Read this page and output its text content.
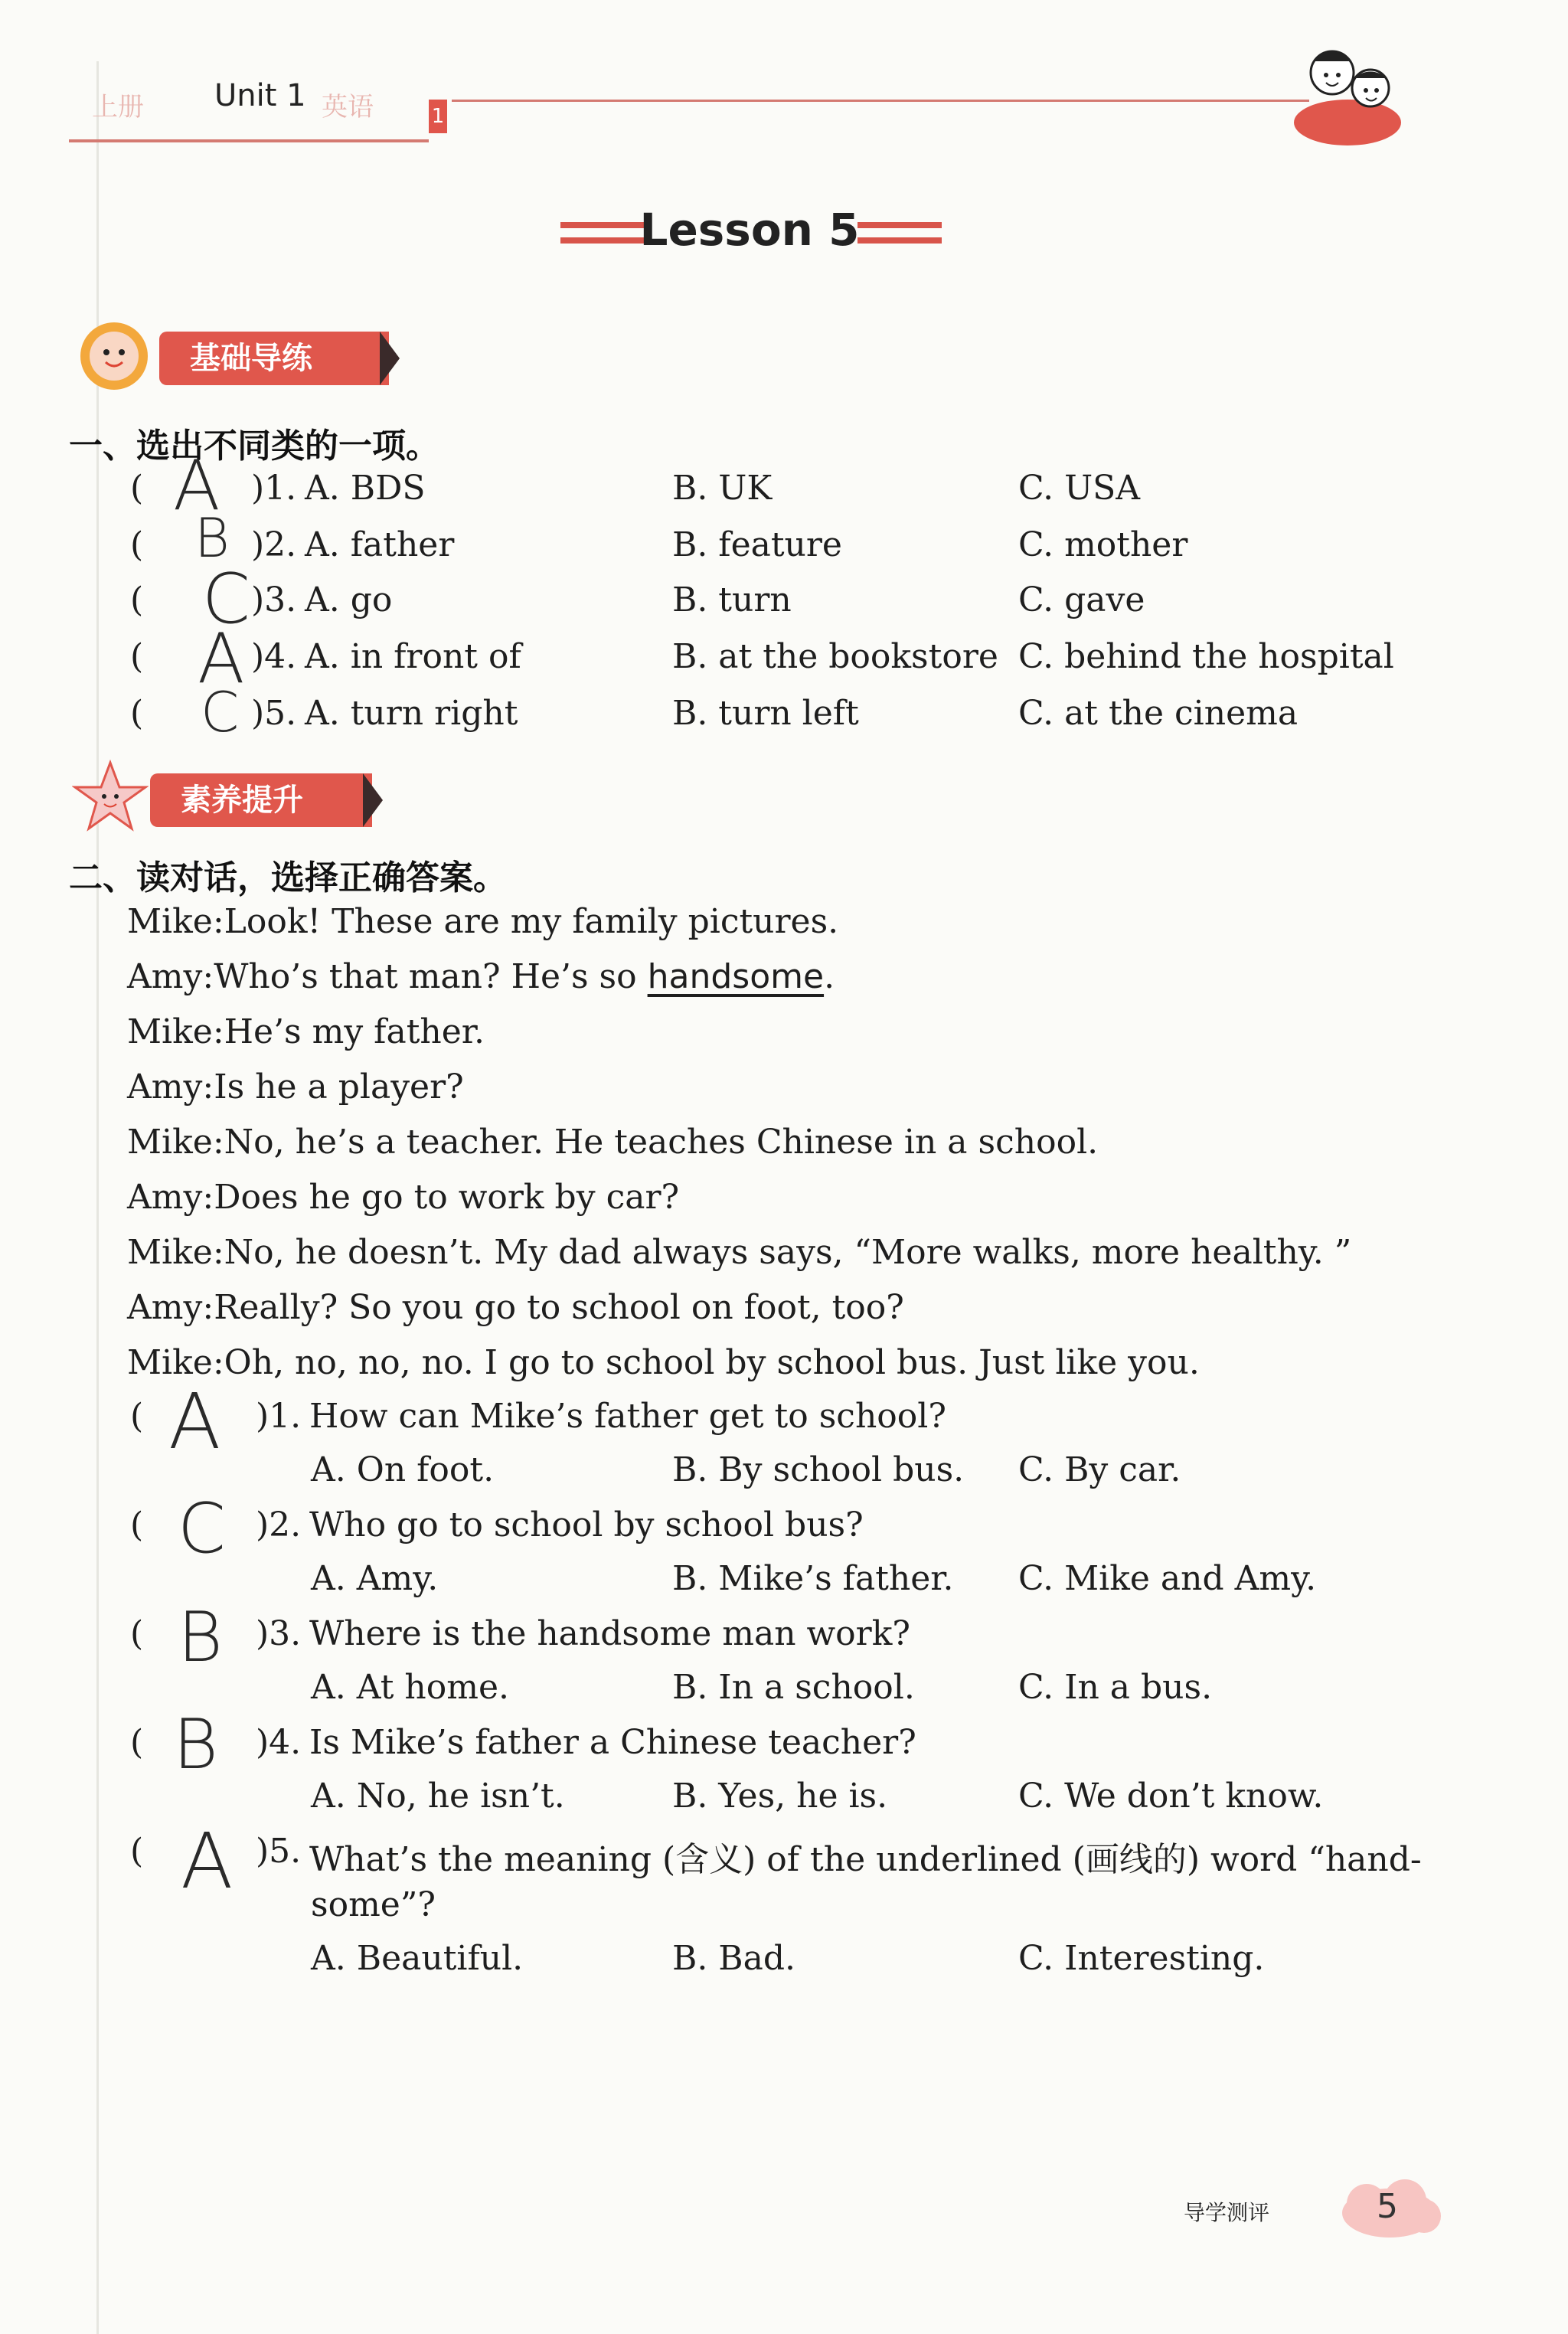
上册	英语
Unit 1
1
Lesson 5
基础导练
一、选出不同类的一项。
( A )1. A. BDS	B. UK	C. USA
( B )2. A. father	B. feature	C. mother
( C )3. A. go	B. turn	C. gave
( A )4. A. in front of	B. at the bookstore C. behind the hospital
( C )5. A. turn right	B. turn left	C. at the cinema
素养提升
二、读对话，选择正确答案。
Mike:Look! These are my family pictures.
Amy:Who’s that man? He’s so handsome.
Mike:He’s my father.
Amy:Is he a player?
Mike:No, he’s a teacher. He teaches Chinese in a school.
Amy:Does he go to work by car?
Mike:No, he doesn’t. My dad always says, “More walks, more healthy. ”
Amy:Really? So you go to school on foot, too?
Mike:Oh, no, no, no. I go to school by school bus. Just like you.
( A )1. How can Mike’s father get to school?
A. On foot.	B. By school bus. C. By car.
( C )2. Who go to school by school bus?
A. Amy.	B. Mike’s father. C. Mike and Amy.
( B )3. Where is the handsome man work?
A. At home.	B. In a school.	C. In a bus.
( B )4. Is Mike’s father a Chinese teacher?
A. No, he isn’t.	B. Yes, he is.	C. We don’t know.
( A )5. What’s the meaning (含义) of the underlined (画线的) word “hand-
some”?
A. Beautiful.	B. Bad.	C. Interesting.
导学测评	5
